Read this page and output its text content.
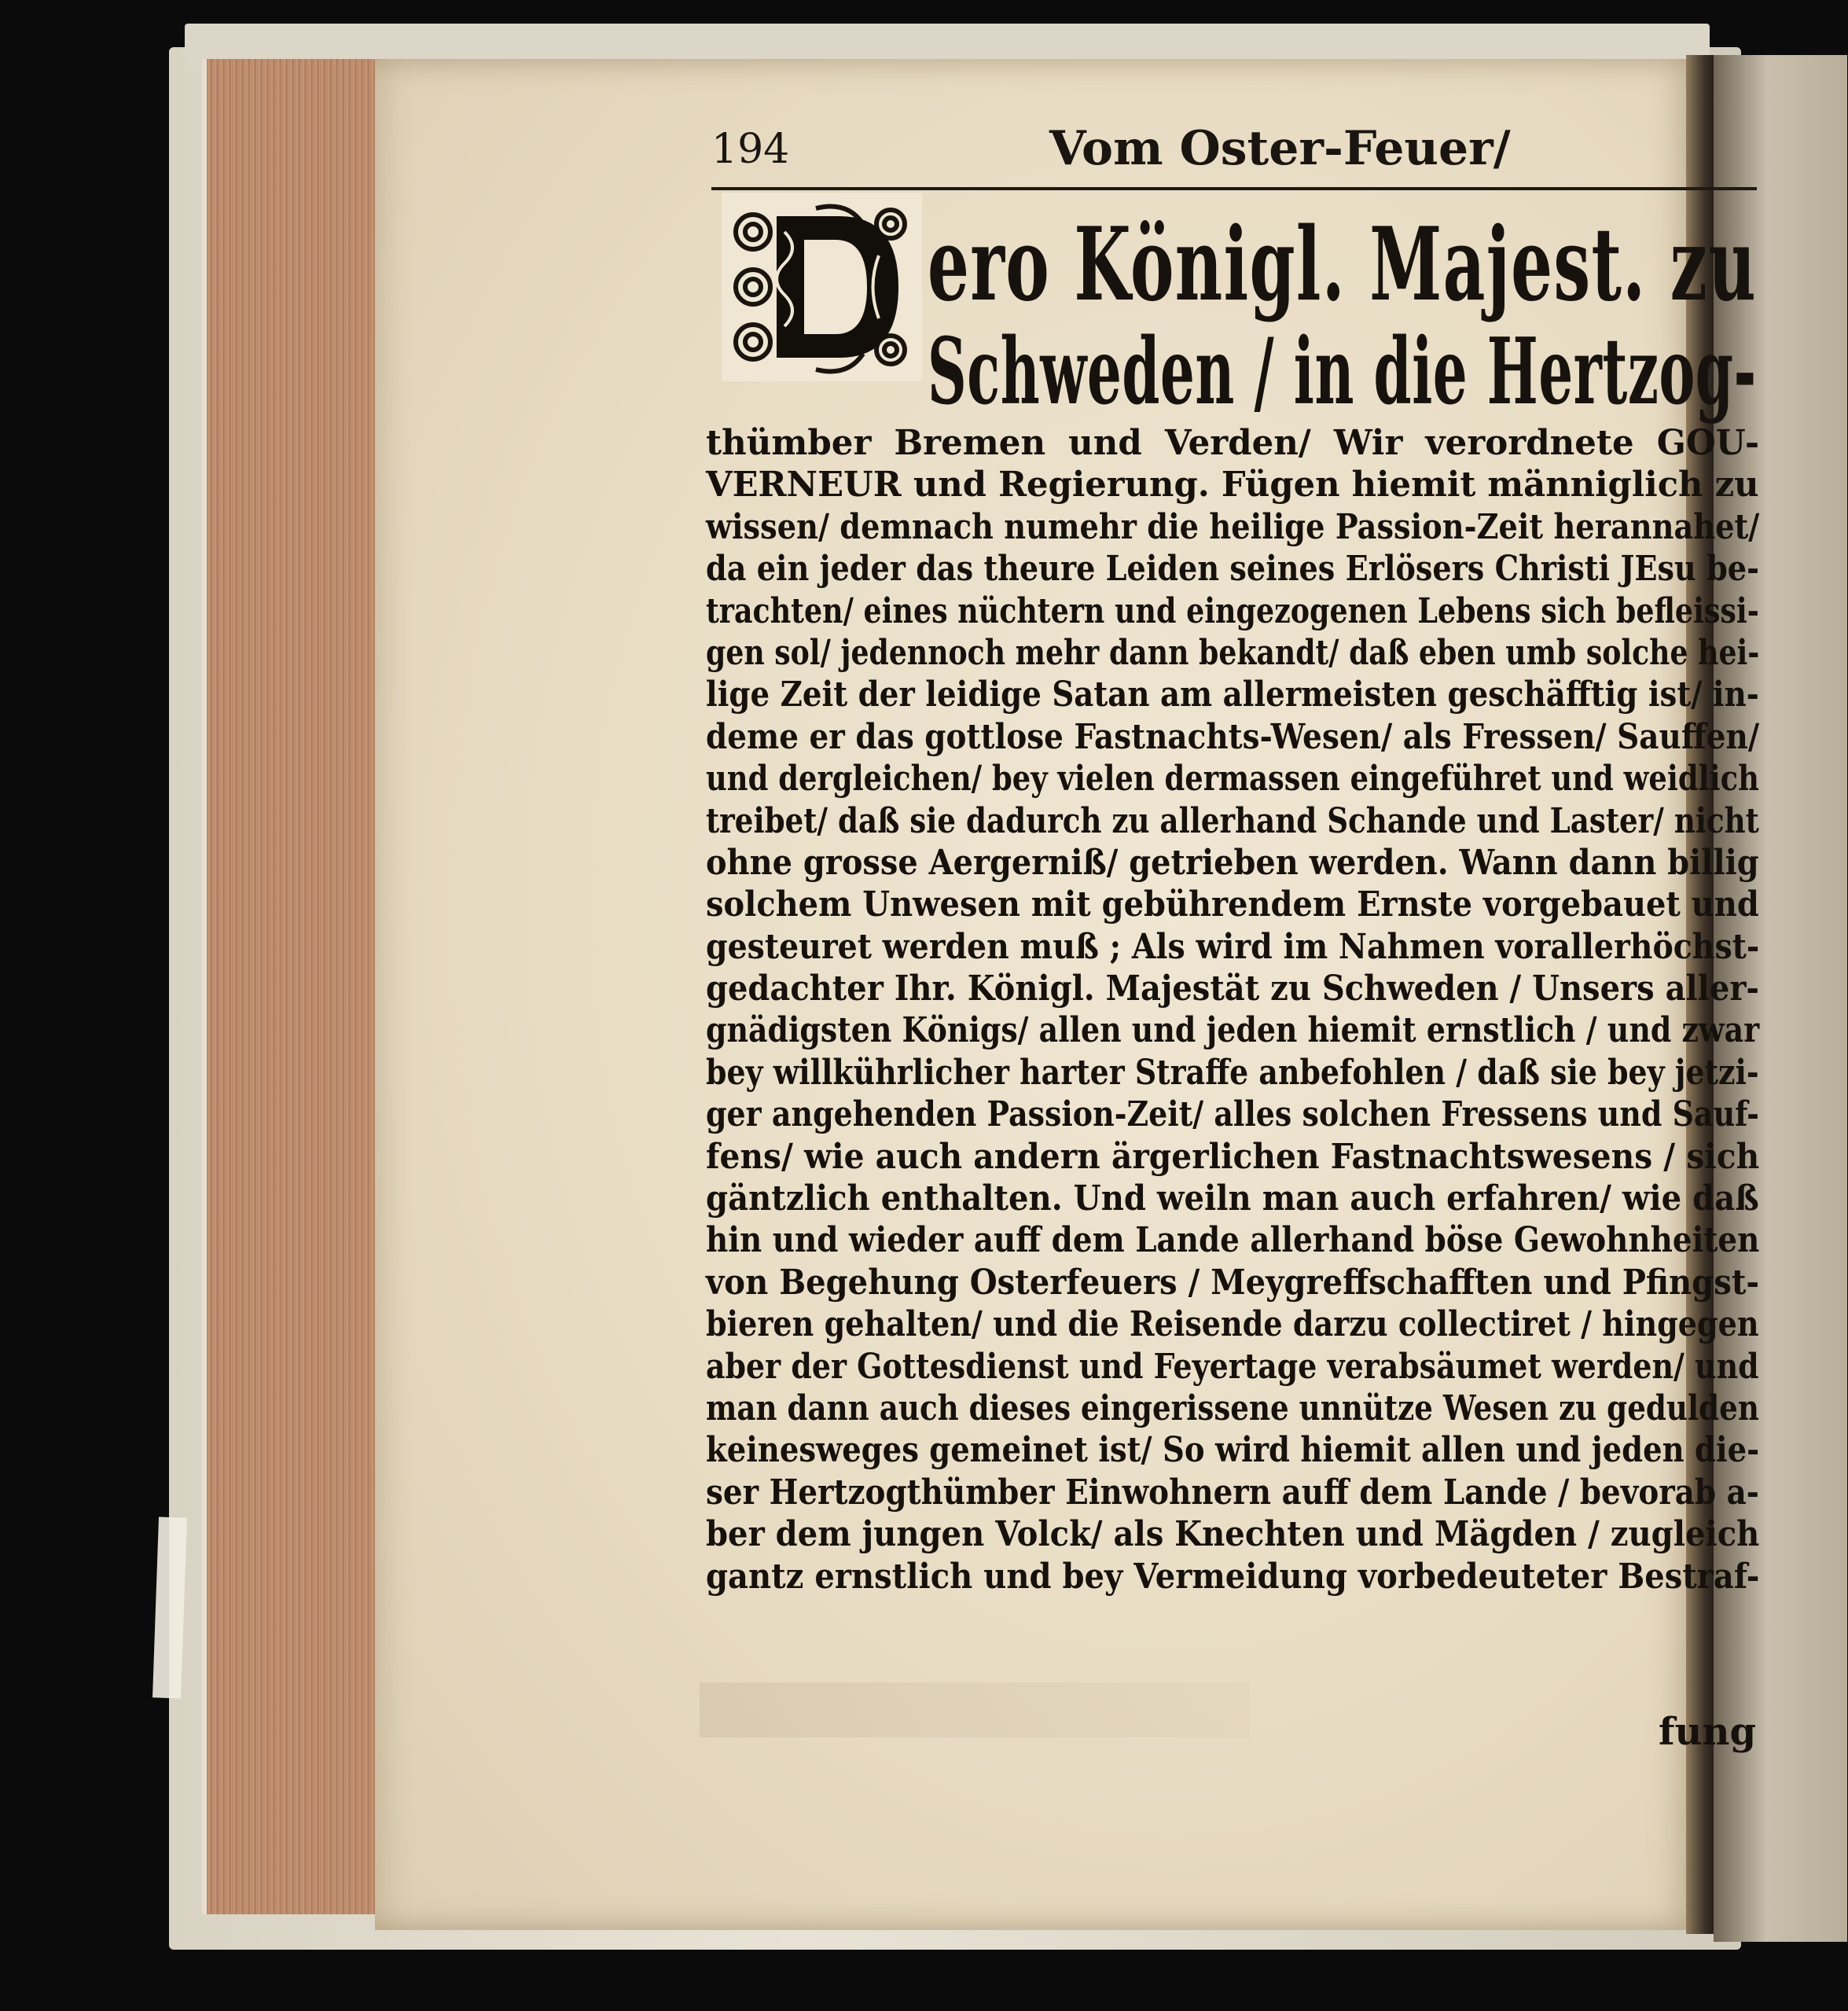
194	Vom Oster-Feuer/
ero Königl. Majest. zu
Schweden / in die Hertzog-
thümber Bremen und Verden/ Wir verordnete GOU-
VERNEUR und Regierung. Fügen hiemit männiglich zu
wissen/ demnach numehr die heilige Passion-Zeit herannahet/
da ein jeder das theure Leiden seines Erlösers Christi JEsu be-
trachten/ eines nüchtern und eingezogenen Lebens sich befleissi-
gen sol/ jedennoch mehr dann bekandt/ daß eben umb solche hei-
lige Zeit der leidige Satan am allermeisten geschäfftig ist/ in-
deme er das gottlose Fastnachts-Wesen/ als Fressen/ Sauffen/
und dergleichen/ bey vielen dermassen eingeführet und weidlich
treibet/ daß sie dadurch zu allerhand Schande und Laster/ nicht
ohne grosse Aergerniß/ getrieben werden. Wann dann billig
solchem Unwesen mit gebührendem Ernste vorgebauet und
gesteuret werden muß ; Als wird im Nahmen vorallerhöchst-
gedachter Ihr. Königl. Majestät zu Schweden / Unsers aller-
gnädigsten Königs/ allen und jeden hiemit ernstlich / und zwar
bey willkührlicher harter Straffe anbefohlen / daß sie bey jetzi-
ger angehenden Passion-Zeit/ alles solchen Fressens und Sauf-
fens/ wie auch andern ärgerlichen Fastnachtswesens / sich
gäntzlich enthalten. Und weiln man auch erfahren/ wie daß
hin und wieder auff dem Lande allerhand böse Gewohnheiten
von Begehung Osterfeuers / Meygreffschafften und Pfingst-
bieren gehalten/ und die Reisende darzu collectiret / hingegen
aber der Gottesdienst und Feyertage verabsäumet werden/ und
man dann auch dieses eingerissene unnütze Wesen zu gedulden
keinesweges gemeinet ist/ So wird hiemit allen und jeden die-
ser Hertzogthümber Einwohnern auff dem Lande / bevorab a-
ber dem jungen Volck/ als Knechten und Mägden / zugleich
gantz ernstlich und bey Vermeidung vorbedeuteter Bestraf-
fung
